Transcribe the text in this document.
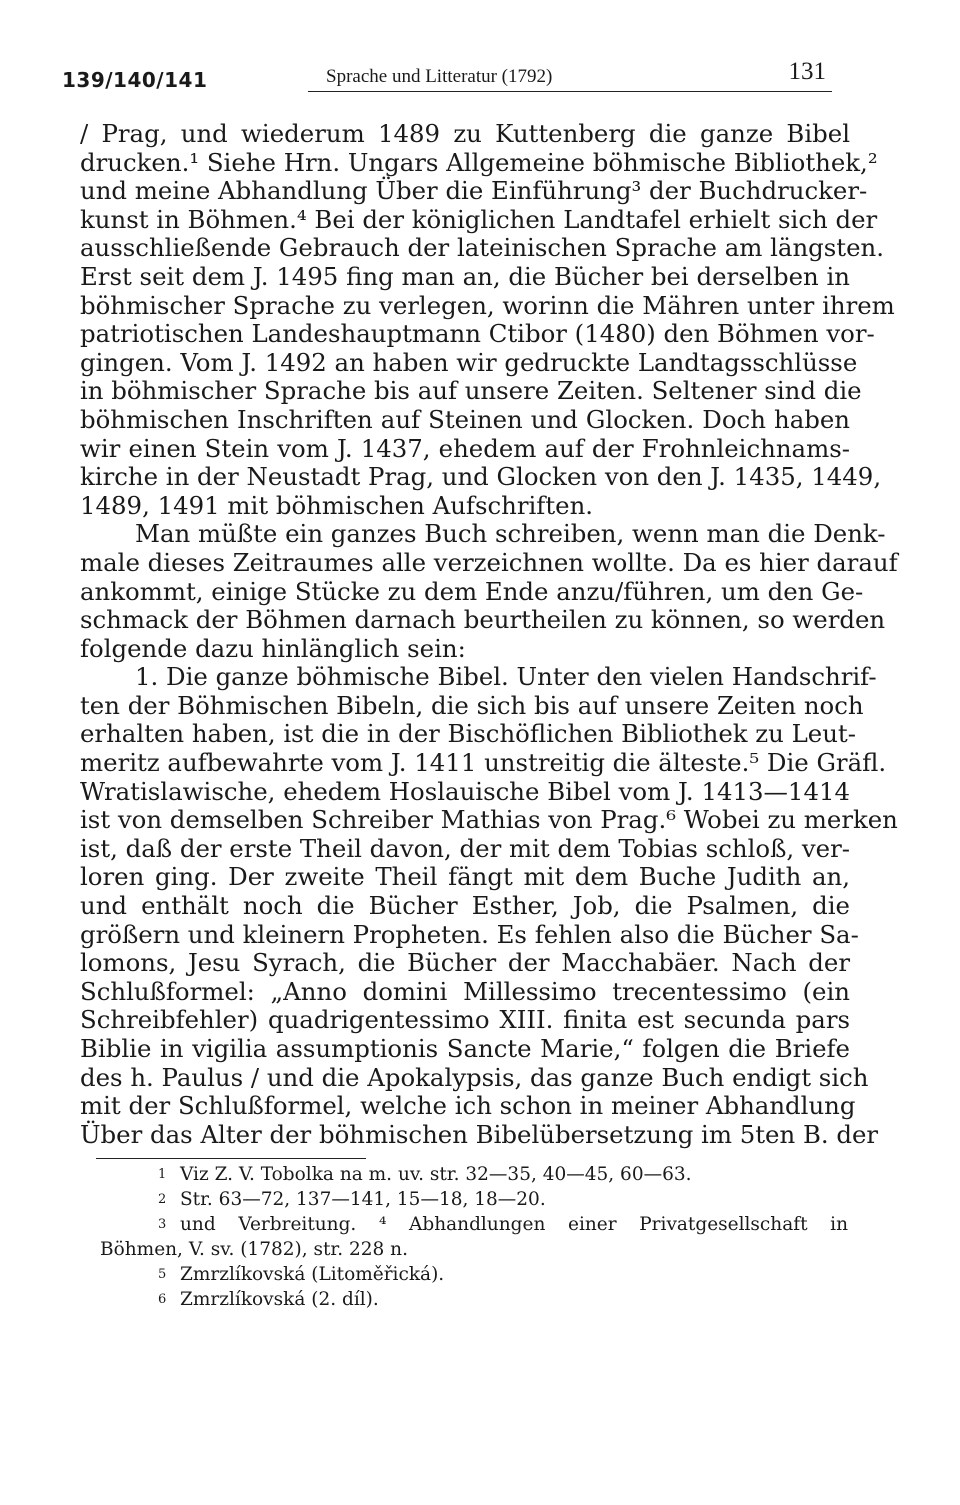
139/140/141	Sprache und Litteratur (1792)	131
/ Prag, und wiederum 1489 zu Kuttenberg die ganze Bibel
drucken.¹ Siehe Hrn. Ungars Allgemeine böhmische Bibliothek,²
und meine Abhandlung Über die Einführung³ der Buchdrucker-
kunst in Böhmen.⁴ Bei der königlichen Landtafel erhielt sich der
ausschließende Gebrauch der lateinischen Sprache am längsten.
Erst seit dem J. 1495 fing man an, die Bücher bei derselben in
böhmischer Sprache zu verlegen, worinn die Mähren unter ihrem
patriotischen Landeshauptmann Ctibor (1480) den Böhmen vor-
gingen. Vom J. 1492 an haben wir gedruckte Landtagsschlüsse
in böhmischer Sprache bis auf unsere Zeiten. Seltener sind die
böhmischen Inschriften auf Steinen und Glocken. Doch haben
wir einen Stein vom J. 1437, ehedem auf der Frohnleichnams-
kirche in der Neustadt Prag, und Glocken von den J. 1435, 1449,
1489, 1491 mit böhmischen Aufschriften.
Man müßte ein ganzes Buch schreiben, wenn man die Denk-
male dieses Zeitraumes alle verzeichnen wollte. Da es hier darauf
ankommt, einige Stücke zu dem Ende anzu/führen, um den Ge-
schmack der Böhmen darnach beurtheilen zu können, so werden
folgende dazu hinlänglich sein:
1. Die ganze böhmische Bibel. Unter den vielen Handschrif-
ten der Böhmischen Bibeln, die sich bis auf unsere Zeiten noch
erhalten haben, ist die in der Bischöflichen Bibliothek zu Leut-
meritz aufbewahrte vom J. 1411 unstreitig die älteste.⁵ Die Gräfl.
Wratislawische, ehedem Hoslauische Bibel vom J. 1413—1414
ist von demselben Schreiber Mathias von Prag.⁶ Wobei zu merken
ist, daß der erste Theil davon, der mit dem Tobias schloß, ver-
loren ging. Der zweite Theil fängt mit dem Buche Judith an,
und enthält noch die Bücher Esther, Job, die Psalmen, die
größern und kleinern Propheten. Es fehlen also die Bücher Sa-
lomons, Jesu Syrach, die Bücher der Macchabäer. Nach der
Schlußformel: „Anno domini Millessimo trecentessimo (ein
Schreibfehler) quadrigentessimo XIII. finita est secunda pars
Biblie in vigilia assumptionis Sancte Marie,“ folgen die Briefe
des h. Paulus / und die Apokalypsis, das ganze Buch endigt sich
mit der Schlußformel, welche ich schon in meiner Abhandlung
Über das Alter der böhmischen Bibelübersetzung im 5ten B. der
1 Viz Z. V. Tobolka na m. uv. str. 32—35, 40—45, 60—63.
2 Str. 63—72, 137—141, 15—18, 18—20.
3 und Verbreitung. ⁴ Abhandlungen einer Privatgesellschaft in
Böhmen, V. sv. (1782), str. 228 n.
5 Zmrzlíkovská (Litoměřická).
6 Zmrzlíkovská (2. díl).
